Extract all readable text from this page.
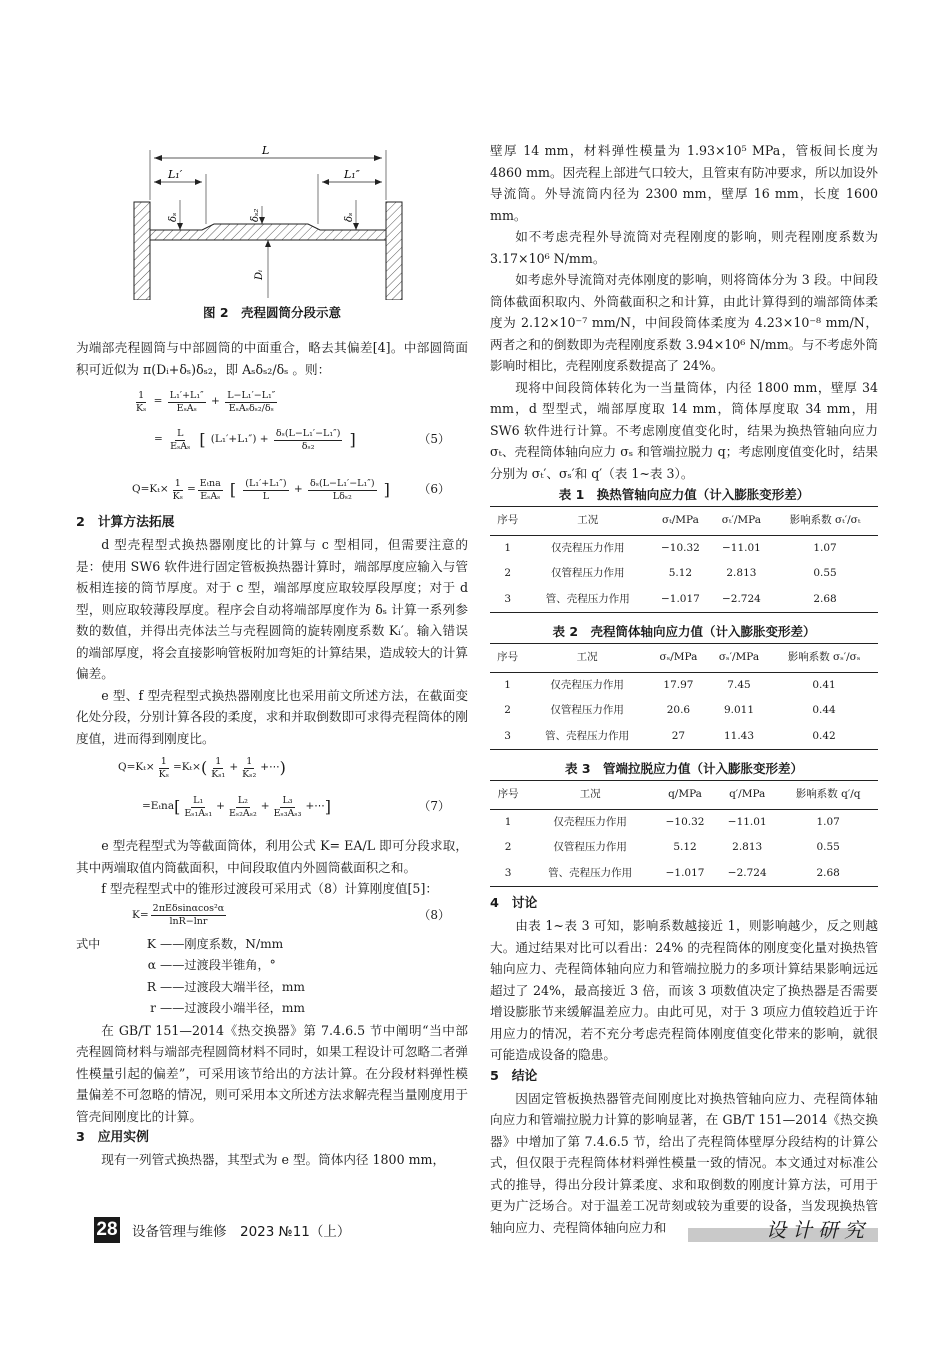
L
L₁′	L₁″
δₛ	δₛ₂	δₛ
Dᵢ
图 2　壳程圆筒分段示意

为端部壳程圆筒与中部圆筒的中面重合，略去其偏差[4]。中部圆筒面积可近似为 π(Dᵢ+δₛ)δₛ₂，即 Aₛδₛ₂/δₛ 。则：

$\frac{1}{\text{Kₛ}} = \frac{\text{L₁′+L₁″}}{\text{EₛAₛ}} + \frac{\text{L−L₁′−L₁″}}{\text{EₛAₛδₛ₂/δₛ}}$
= $\frac{L}{\text{EₛAₛ}}$ [ $(L_1'+L_1'') + \frac{\text{δₛ(L−L₁′−L₁″)}}{\text{δₛ₂}}$ ]	（5）
$Q=K_t\times \frac{1}{\text{Kₛ}} = \frac{\text{Eₜna}}{\text{EₛAₛ}}$ [ $\frac{\text{(L₁′+L₁″)}}{L} + \frac{\text{δₛ(L−L₁′−L₁″)}}{\text{Lδₛ₂}}$ ] （6）
2　计算方法拓展

d 型壳程型式换热器刚度比的计算与 c 型相同，但需要注意的是：使用 SW6 软件进行固定管板换热器计算时，端部厚度应输入与管板相连接的筒节厚度。对于 c 型，端部厚度应取较厚段厚度；对于 d 型，则应取较薄段厚度。程序会自动将端部厚度作为 δₛ 计算一系列参数的数值，并得出壳体法兰与壳程圆筒的旋转刚度系数 Kᵢ′。输入错误的端部厚度，将会直接影响管板附加弯矩的计算结果，造成较大的计算偏差。

e 型、f 型壳程型式换热器刚度比也采用前文所述方法，在截面变化处分段，分别计算各段的柔度，求和并取倒数即可求得壳程筒体的刚度值，进而得到刚度比。

$Q=K_t\times \frac{1}{\text{Kₛ}} =K_t\times$ ( $\frac{1}{\text{Kₛ₁}} + \frac{1}{\text{Kₛ₂}}$ +⋯ )
=Eₜna [ $\frac{\text{L₁}}{\text{Eₛ₁Aₛ₁}} + \frac{\text{L₂}}{\text{Eₛ₂Aₛ₂}} + \frac{\text{L₃}}{\text{Eₛ₃Aₛ₃}}$ +⋯ ]	（7）

e 型壳程型式为等截面筒体，利用公式 K= EA/L 即可分段求取，其中两端取值内筒截面积，中间段取值内外圆筒截面积之和。

f 型壳程型式中的锥形过渡段可采用式（8）计算刚度值[5]：

$K= \frac{\text{2πEδsinαcos²α}}{\ln R-\ln r}$	（8）
式中	K ——刚度系数，N/mm
α ——过渡段半锥角，°
R ——过渡段大端半径，mm
r ——过渡段小端半径，mm

在 GB/T 151—2014《热交换器》第 7.4.6.5 节中阐明“当中部壳程圆筒材料与端部壳程圆筒材料不同时，如果工程设计可忽略二者弹性模量引起的偏差”，可采用该节给出的方法计算。在分段材料弹性模量偏差不可忽略的情况，则可采用本文所述方法求解壳程当量刚度用于管壳间刚度比的计算。

3　应用实例

现有一列管式换热器，其型式为 e 型。筒体内径 1800 mm，

壁厚 14 mm，材料弹性模量为 1.93×10⁵ MPa，管板间长度为 4860 mm。因壳程上部进气口较大，且管束有防冲要求，所以加设外导流筒。外导流筒内径为 2300 mm，壁厚 16 mm，长度 1600 mm。

如不考虑壳程外导流筒对壳程刚度的影响，则壳程刚度系数为 3.17×10⁶ N/mm。

如考虑外导流筒对壳体刚度的影响，则将筒体分为 3 段。中间段筒体截面积取内、外筒截面积之和计算，由此计算得到的端部筒体柔度为 2.12×10⁻⁷ mm/N，中间段筒体柔度为 4.23×10⁻⁸ mm/N，两者之和的倒数即为壳程刚度系数 3.94×10⁶ N/mm。与不考虑外筒影响时相比，壳程刚度系数提高了 24%。

现将中间段筒体转化为一当量筒体，内径 1800 mm，壁厚 34 mm，d 型型式，端部厚度取 14 mm，筒体厚度取 34 mm，用 SW6 软件进行计算。不考虑刚度值变化时，结果为换热管轴向应力 σₜ、壳程筒体轴向应力 σₛ 和管端拉脱力 q；考虑刚度值变化时，结果分别为 σₜ′、σₛ′和 q′（表 1~表 3）。

表 1　换热管轴向应力值（计入膨胀变形差）
序号	工况	σₜ/MPa	σₜ′/MPa	影响系数 σₜ′/σₜ
1	仅壳程压力作用	−10.32	−11.01	1.07
2	仅管程压力作用	5.12	2.813	0.55
3	管、壳程压力作用	−1.017	−2.724	2.68
表 2　壳程筒体轴向应力值（计入膨胀变形差）
序号	工况	σₛ/MPa	σₛ′/MPa	影响系数 σₛ′/σₛ
1	仅壳程压力作用	17.97	7.45	0.41
2	仅管程压力作用	20.6	9.011	0.44
3	管、壳程压力作用	27	11.43	0.42
表 3　管端拉脱应力值（计入膨胀变形差）
序号	工况	q/MPa	q′/MPa	影响系数 q′/q
1	仅壳程压力作用	−10.32	−11.01	1.07
2	仅管程压力作用	5.12	2.813	0.55
3	管、壳程压力作用	−1.017	−2.724	2.68
4　讨论

由表 1~表 3 可知，影响系数越接近 1，则影响越少，反之则越大。通过结果对比可以看出：24% 的壳程筒体的刚度变化量对换热管轴向应力、壳程筒体轴向应力和管端拉脱力的多项计算结果影响远远超过了 24%，最高接近 3 倍，而该 3 项数值决定了换热器是否需要增设膨胀节来缓解温差应力。由此可见，对于 3 项应力值较趋近于许用应力的情况，若不充分考虑壳程筒体刚度值变化带来的影响，就很可能造成设备的隐患。

5　结论

因固定管板换热器管壳间刚度比对换热管轴向应力、壳程筒体轴向应力和管端拉脱力计算的影响显著，在 GB/T 151—2014《热交换器》中增加了第 7.4.6.5 节，给出了壳程筒体壁厚分段结构的计算公式，但仅限于壳程筒体材料弹性模量一致的情况。本文通过对标准公式的推导，得出分段计算柔度、求和取倒数的刚度计算方法，可用于更为广泛场合。对于温差工况苛刻或较为重要的设备，当发现换热管轴向应力、壳程筒体轴向应力和

28 设备管理与维修　2023 №11（上）	设计研究
